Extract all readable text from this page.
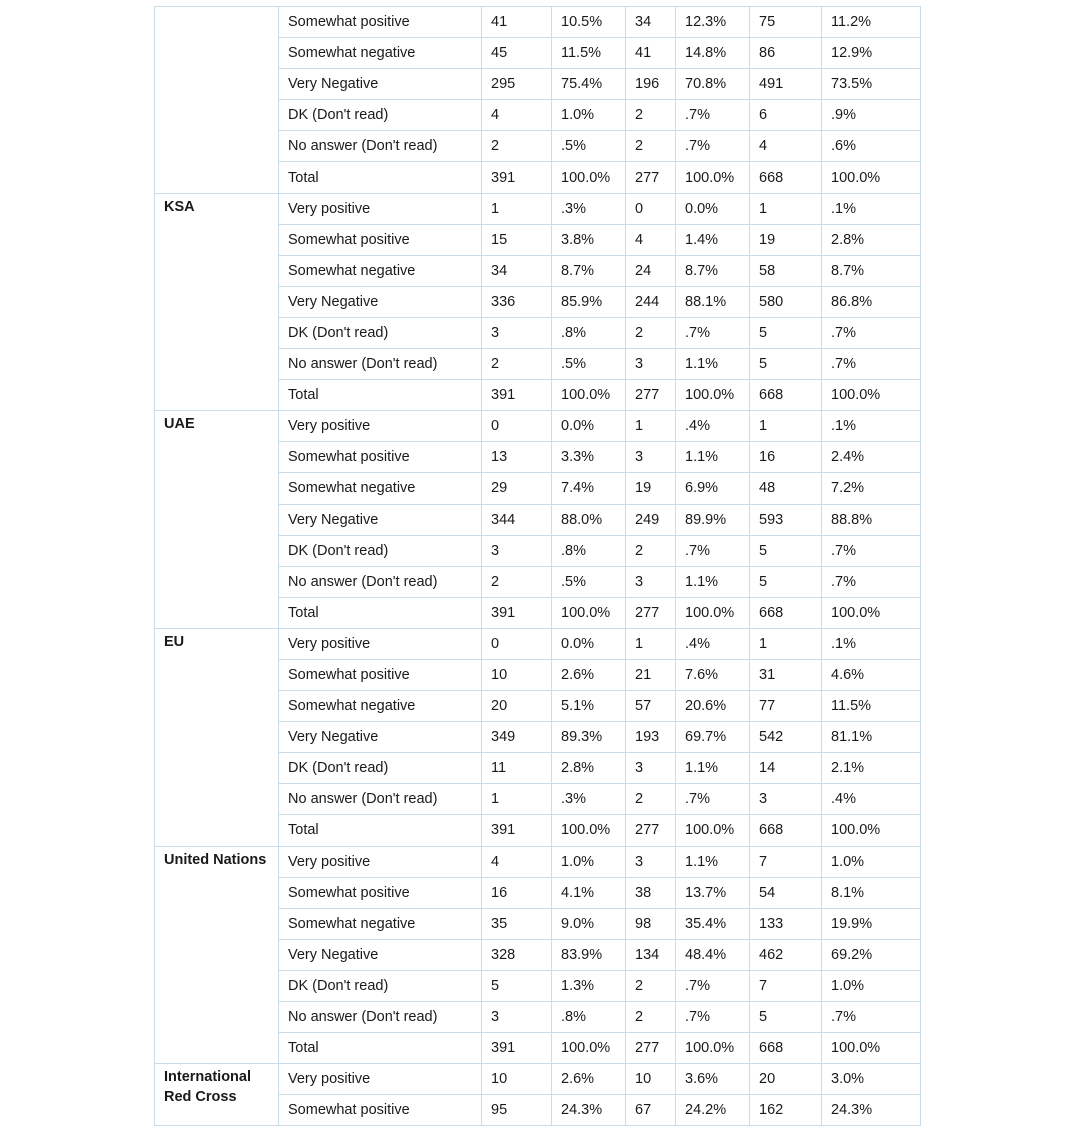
	Somewhat positive	41	10.5%	34	12.3%	75	11.2%
	Somewhat negative	45	11.5%	41	14.8%	86	12.9%
	Very Negative	295	75.4%	196	70.8%	491	73.5%
	DK (Don't read)	4	1.0%	2	.7%	6	.9%
	No answer (Don't read)	2	.5%	2	.7%	4	.6%
	Total	391	100.0%	277	100.0%	668	100.0%
KSA	Very positive	1	.3%	0	0.0%	1	.1%
	Somewhat positive	15	3.8%	4	1.4%	19	2.8%
	Somewhat negative	34	8.7%	24	8.7%	58	8.7%
	Very Negative	336	85.9%	244	88.1%	580	86.8%
	DK (Don't read)	3	.8%	2	.7%	5	.7%
	No answer (Don't read)	2	.5%	3	1.1%	5	.7%
	Total	391	100.0%	277	100.0%	668	100.0%
UAE	Very positive	0	0.0%	1	.4%	1	.1%
	Somewhat positive	13	3.3%	3	1.1%	16	2.4%
	Somewhat negative	29	7.4%	19	6.9%	48	7.2%
	Very Negative	344	88.0%	249	89.9%	593	88.8%
	DK (Don't read)	3	.8%	2	.7%	5	.7%
	No answer (Don't read)	2	.5%	3	1.1%	5	.7%
	Total	391	100.0%	277	100.0%	668	100.0%
EU	Very positive	0	0.0%	1	.4%	1	.1%
	Somewhat positive	10	2.6%	21	7.6%	31	4.6%
	Somewhat negative	20	5.1%	57	20.6%	77	11.5%
	Very Negative	349	89.3%	193	69.7%	542	81.1%
	DK (Don't read)	11	2.8%	3	1.1%	14	2.1%
	No answer (Don't read)	1	.3%	2	.7%	3	.4%
	Total	391	100.0%	277	100.0%	668	100.0%
United Nations	Very positive	4	1.0%	3	1.1%	7	1.0%
	Somewhat positive	16	4.1%	38	13.7%	54	8.1%
	Somewhat negative	35	9.0%	98	35.4%	133	19.9%
	Very Negative	328	83.9%	134	48.4%	462	69.2%
	DK (Don't read)	5	1.3%	2	.7%	7	1.0%
	No answer (Don't read)	3	.8%	2	.7%	5	.7%
	Total	391	100.0%	277	100.0%	668	100.0%
International Red Cross	Very positive	10	2.6%	10	3.6%	20	3.0%
	Somewhat positive	95	24.3%	67	24.2%	162	24.3%
